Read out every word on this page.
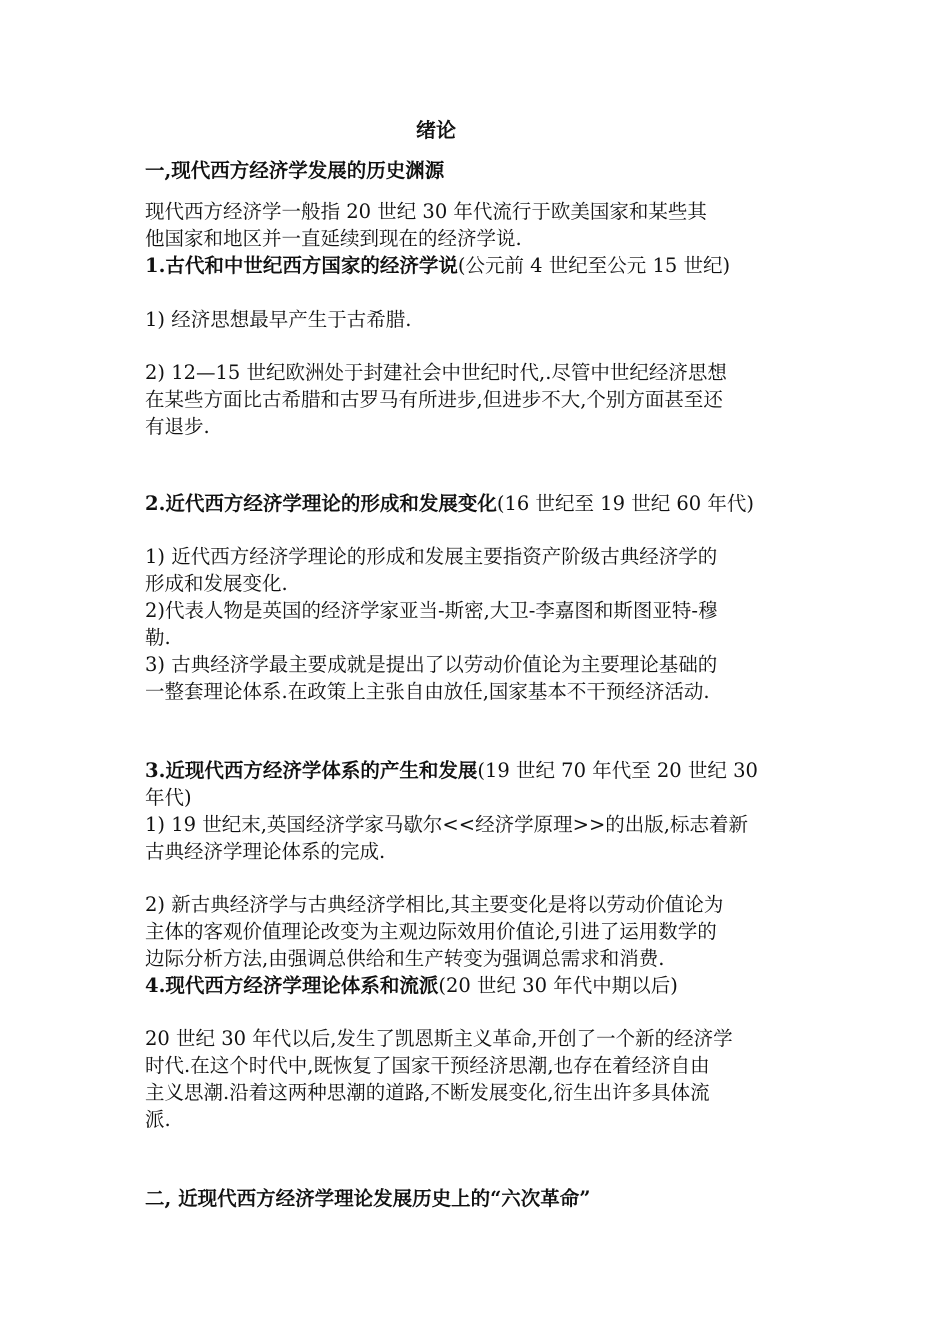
绪论

一,现代西方经济学发展的历史渊源

现代西方经济学一般指 20 世纪 30 年代流行于欧美国家和某些其

他国家和地区并一直延续到现在的经济学说.

1.古代和中世纪西方国家的经济学说(公元前 4 世纪至公元 15 世纪)

1) 经济思想最早产生于古希腊.

2) 12—15 世纪欧洲处于封建社会中世纪时代,.尽管中世纪经济思想

在某些方面比古希腊和古罗马有所进步,但进步不大,个别方面甚至还

有退步.

2.近代西方经济学理论的形成和发展变化(16 世纪至 19 世纪 60 年代)

1) 近代西方经济学理论的形成和发展主要指资产阶级古典经济学的

形成和发展变化.

2)代表人物是英国的经济学家亚当-斯密,大卫-李嘉图和斯图亚特-穆

勒.

3) 古典经济学最主要成就是提出了以劳动价值论为主要理论基础的

一整套理论体系.在政策上主张自由放任,国家基本不干预经济活动.

3.近现代西方经济学体系的产生和发展(19 世纪 70 年代至 20 世纪 30

年代)

1) 19 世纪末,英国经济学家马歇尔<<经济学原理>>的出版,标志着新

古典经济学理论体系的完成.

2) 新古典经济学与古典经济学相比,其主要变化是将以劳动价值论为

主体的客观价值理论改变为主观边际效用价值论,引进了运用数学的

边际分析方法,由强调总供给和生产转变为强调总需求和消费.

4.现代西方经济学理论体系和流派(20 世纪 30 年代中期以后)

20 世纪 30 年代以后,发生了凯恩斯主义革命,开创了一个新的经济学

时代.在这个时代中,既恢复了国家干预经济思潮,也存在着经济自由

主义思潮.沿着这两种思潮的道路,不断发展变化,衍生出许多具体流

派.

二, 近现代西方经济学理论发展历史上的“六次革命”
